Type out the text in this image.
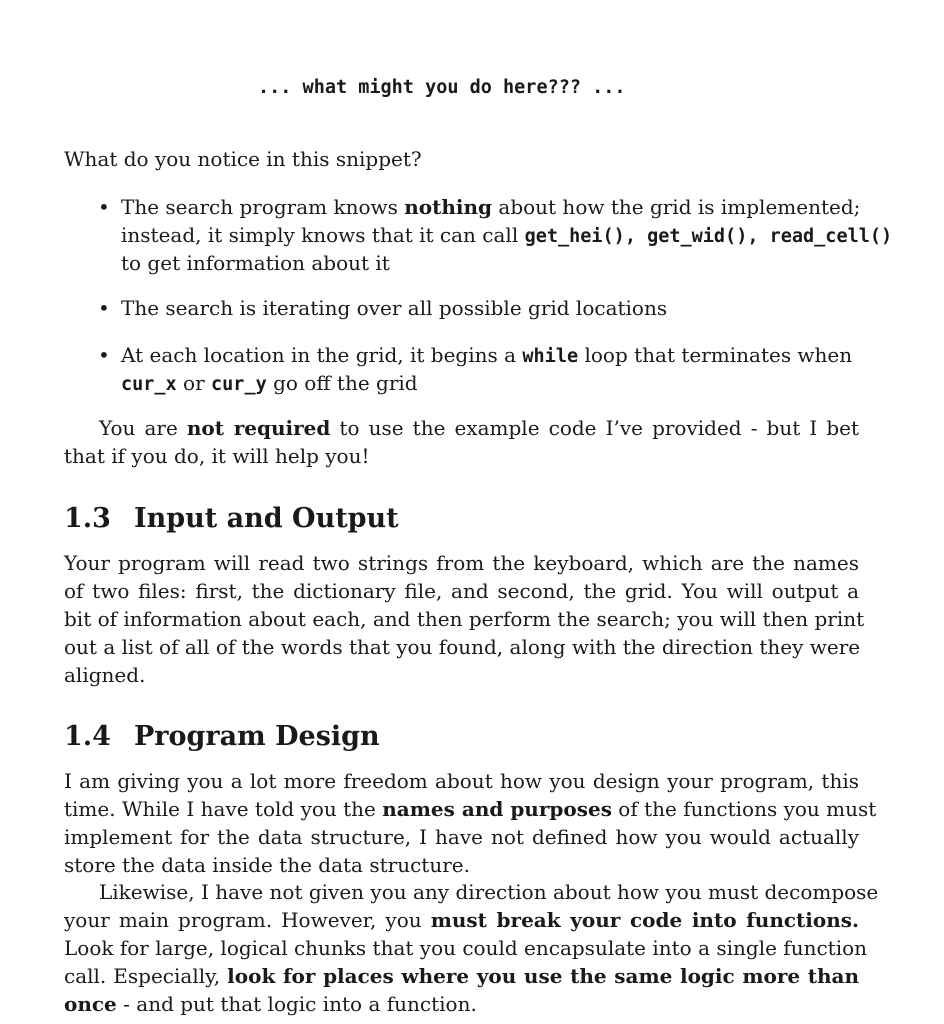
... what might you do here??? ...
What do you notice in this snippet?
• The search program knows nothing about how the grid is implemented;
instead, it simply knows that it can call get_hei(), get_wid(), read_cell()
to get information about it
• The search is iterating over all possible grid locations
• At each location in the grid, it begins a while loop that terminates when
cur_x or cur_y go off the grid
You are not required to use the example code I’ve provided - but I bet
that if you do, it will help you!
1.3 Input and Output
Your program will read two strings from the keyboard, which are the names
of two files: first, the dictionary file, and second, the grid. You will output a
bit of information about each, and then perform the search; you will then print
out a list of all of the words that you found, along with the direction they were
aligned.
1.4 Program Design
I am giving you a lot more freedom about how you design your program, this
time. While I have told you the names and purposes of the functions you must
implement for the data structure, I have not defined how you would actually
store the data inside the data structure.
Likewise, I have not given you any direction about how you must decompose
your main program. However, you must break your code into functions.
Look for large, logical chunks that you could encapsulate into a single function
call. Especially, look for places where you use the same logic more than
once - and put that logic into a function.
